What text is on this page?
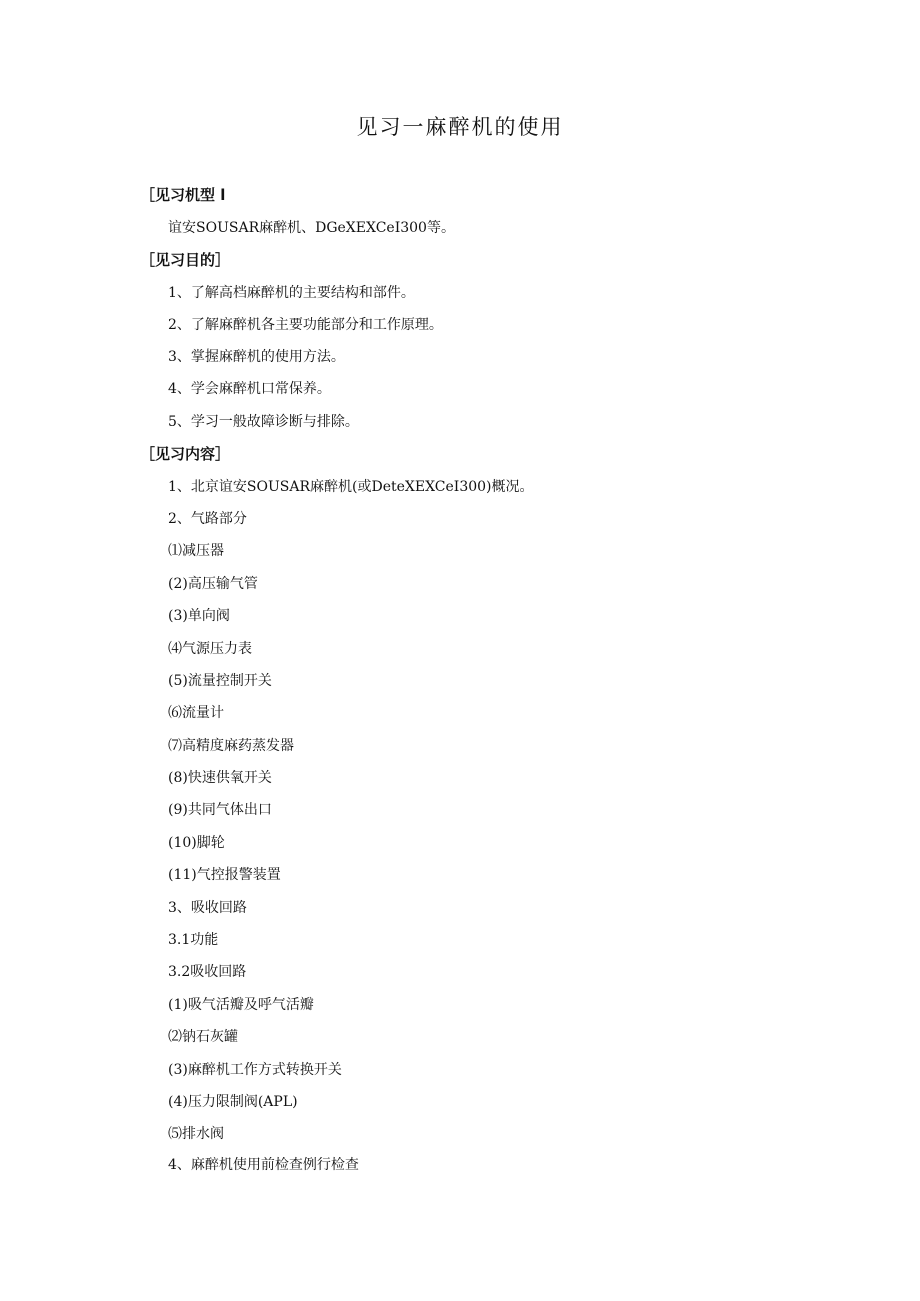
见习一麻醉机的使用
［见习机型 l
谊安SOUSAR麻醉机、DGeXEXCeI300等。
［见习目的］
1、了解高档麻醉机的主要结构和部件。
2、了解麻醉机各主要功能部分和工作原理。
3、掌握麻醉机的使用方法。
4、学会麻醉机口常保养。
5、学习一般故障诊断与排除。
［见习内容］
1、北京谊安SOUSAR麻醉机(或DeteXEXCeI300)概况。
2、气路部分
⑴减压器
(2)高压输气管
(3)单向阀
⑷气源压力表
(5)流量控制开关
⑹流量计
⑺高精度麻药蒸发器
(8)快速供氧开关
(9)共同气体出口
(10)脚轮
(11)气控报警装置
3、吸收回路
3.1功能
3.2吸收回路
(1)吸气活瓣及呼气活瓣
⑵钠石灰罐
(3)麻醉机工作方式转换开关
(4)压力限制阀(APL)
⑸排水阀
4、麻醉机使用前检查例行检查
